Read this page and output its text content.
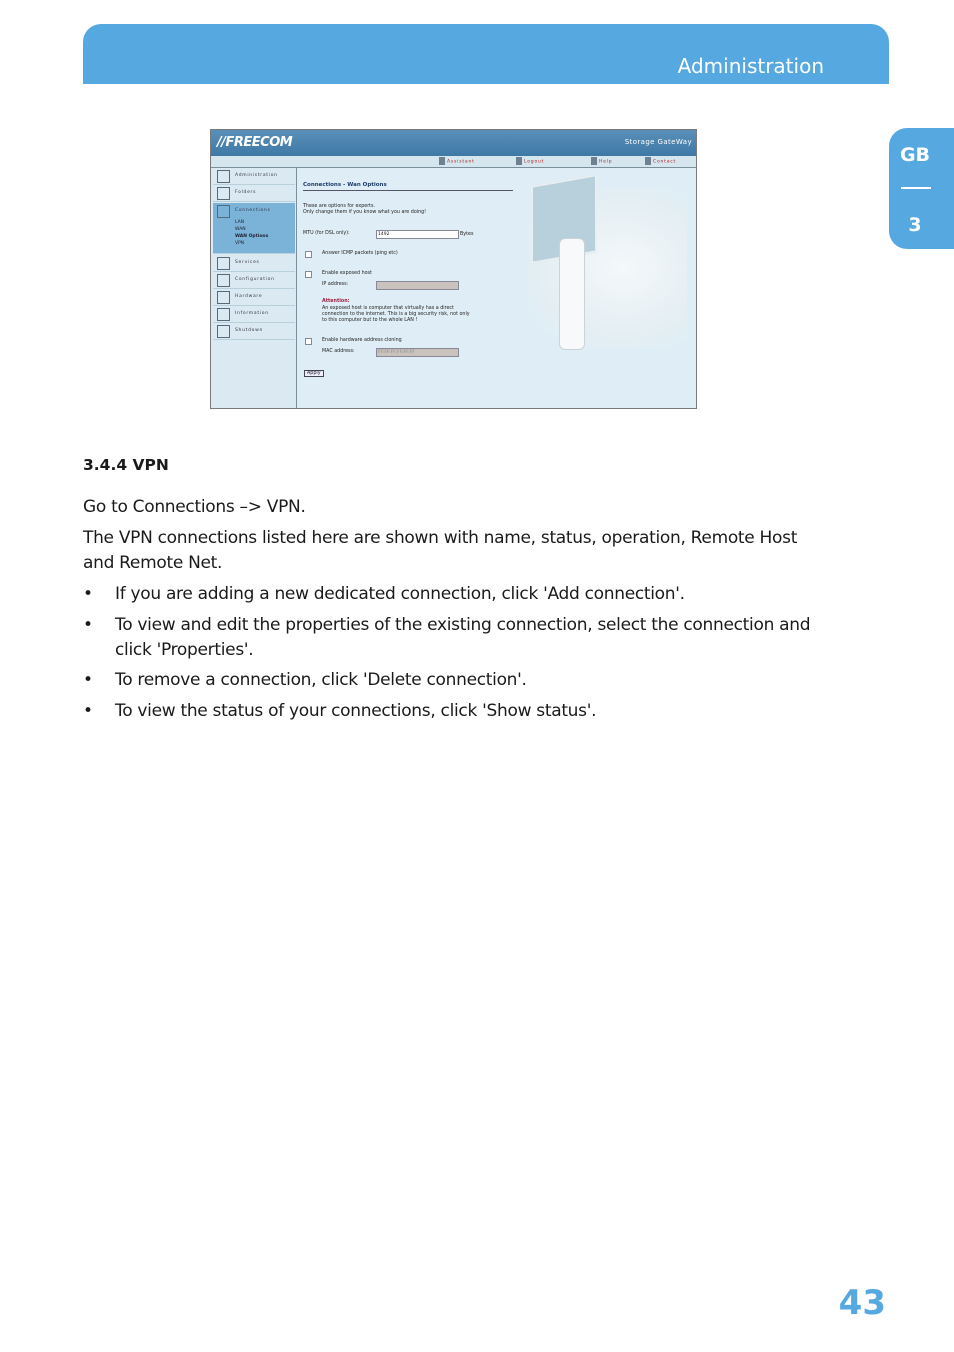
Administration
GB
3
//FREECOM	Storage GateWay
Assistant	Logout	Help	Contact
Administration
Folders
Connections
LAN
WAN
WAN Options
VPN
Services
Configuration
Hardware
Information
Shutdown
Connections - Wan Options
These are options for experts.
Only change them if you know what you are doing!
MTU (for DSL only):	1492	Bytes
Answer ICMP packets (ping etc)
Enable exposed host
IP address:
Attention:
An exposed host is computer that virtually has a direct
connection to the internet. This is a big security risk, not only
to this computer but to the whole LAN !
Enable hardware address cloning
MAC address:	FF:FF:FF:FF:FF:FF
Apply
3.4.4 VPN
Go to Connections –> VPN.
The VPN connections listed here are shown with name, status, operation, Remote Host and Remote Net.
• If you are adding a new dedicated connection, click 'Add connection'.
• To view and edit the properties of the existing connection, select the connection and click 'Properties'.
• To remove a connection, click 'Delete connection'.
• To view the status of your connections, click 'Show status'.
43
